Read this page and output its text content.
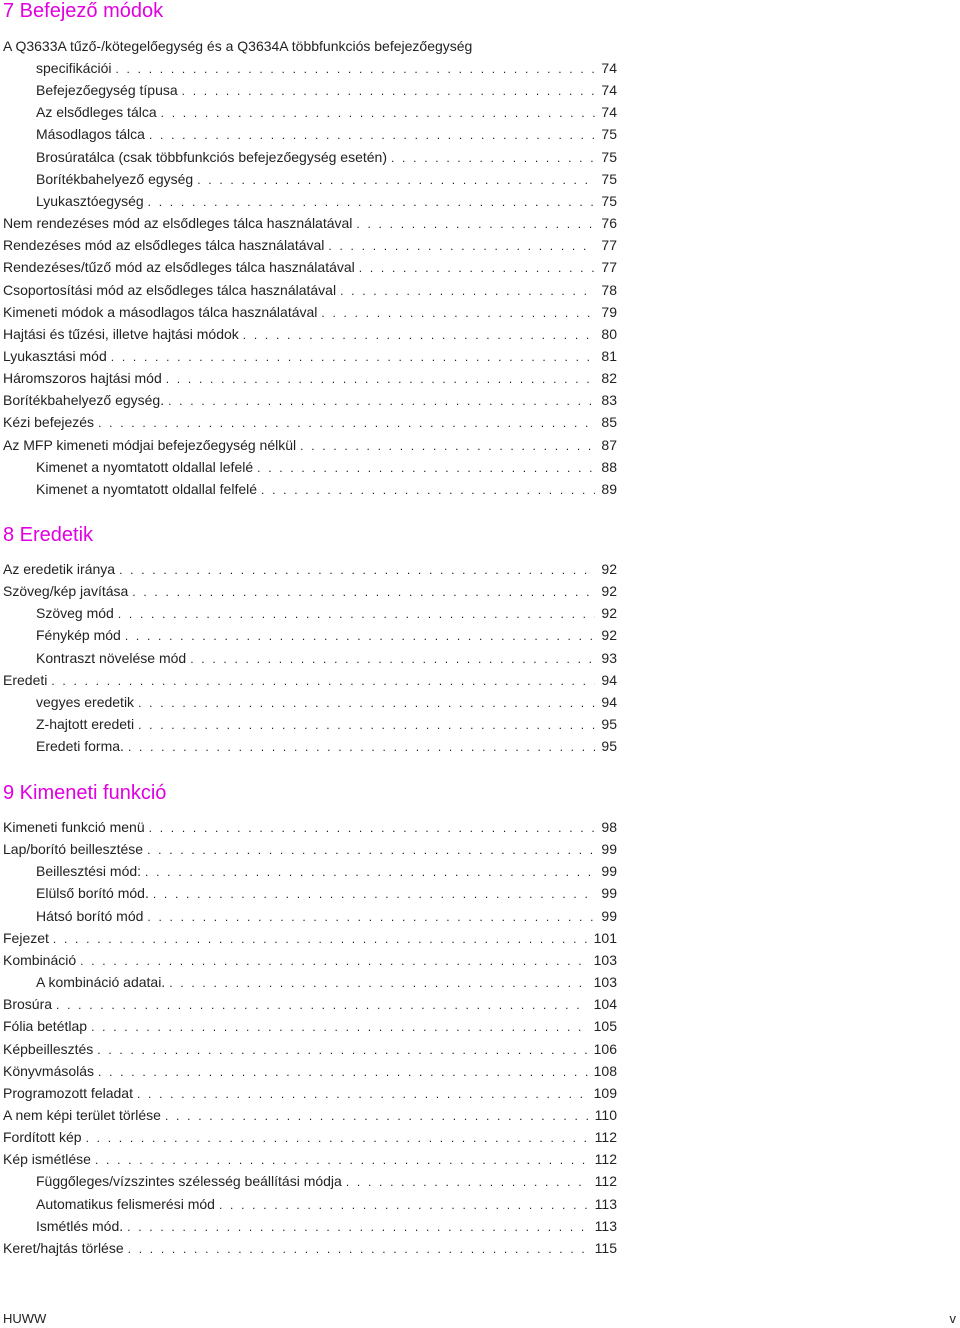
7 Befejező módok
A Q3633A tűző-/kötegelőegység és a Q3634A többfunkciós befejezőegység
specifikációi . . .	74
Befejezőegység típusa . . .	74
Az elsődleges tálca . . .	74
Másodlagos tálca . . .	75
Brosúratálca (csak többfunkciós befejezőegység esetén) . . .	75
Borítékbahelyező egység . . .	75
Lyukasztóegység . . .	75
Nem rendezéses mód az elsődleges tálca használatával . . .	76
Rendezéses mód az elsődleges tálca használatával . . .	77
Rendezéses/tűző mód az elsődleges tálca használatával . . .	77
Csoportosítási mód az elsődleges tálca használatával . . .	78
Kimeneti módok a másodlagos tálca használatával . . .	79
Hajtási és tűzési, illetve hajtási módok . . .	80
Lyukasztási mód . . .	81
Háromszoros hajtási mód . . .	82
Borítékbahelyező egység. . . .	83
Kézi befejezés . . .	85
Az MFP kimeneti módjai befejezőegység nélkül . . .	87
Kimenet a nyomtatott oldallal lefelé . . .	88
Kimenet a nyomtatott oldallal felfelé . . .	89
8 Eredetik
Az eredetik iránya . . .	92
Szöveg/kép javítása . . .	92
Szöveg mód . . .	92
Fénykép mód . . .	92
Kontraszt növelése mód . . .	93
Eredeti . . .	94
vegyes eredetik . . .	94
Z-hajtott eredeti . . .	95
Eredeti forma. . . .	95
9 Kimeneti funkció
Kimeneti funkció menü . . .	98
Lap/borító beillesztése . . .	99
Beillesztési mód: . . .	99
Elülső borító mód. . . .	99
Hátsó borító mód . . .	99
Fejezet . . .	101
Kombináció . . .	103
A kombináció adatai. . . .	103
Brosúra . . .	104
Fólia betétlap . . .	105
Képbeillesztés . . .	106
Könyvmásolás . . .	108
Programozott feladat . . .	109
A nem képi terület törlése . . .	110
Fordított kép . . .	112
Kép ismétlése . . .	112
Függőleges/vízszintes szélesség beállítási módja . . .	112
Automatikus felismerési mód . . .	113
Ismétlés mód. . . .	113
Keret/hajtás törlése . . .	115
HUWW	v
